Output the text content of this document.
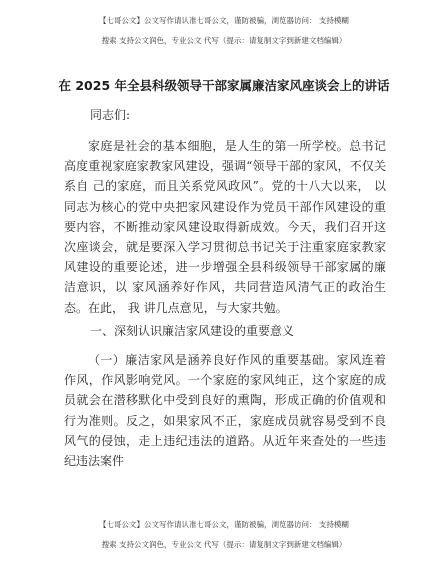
【七哥公文】公文写作请认准七哥公文，谨防被骗，浏览器访问： 支持模糊
搜索 支持公文润色，专业公文 代写（提示：请复制文字到新建文档编辑）
在 2025 年全县科级领导干部家属廉洁家风座谈会上的讲话
同志们:
家庭是社会的基本细胞，是人生的第一所学校。总书记高度重视家庭家教家风建设，强调“领导干部的家风，不仅关系自 己的家庭，而且关系党风政风”。党的十八大以来， 以同志为核心的党中央把家风建设作为党员干部作风建设的重要内容，不断推动家风建设取得新成效。今天，我们召开这次座谈会，就是要深入学习贯彻总书记关于注重家庭家教家风建设的重要论述，进一步增强全县科级领导干部家属的廉洁意识，以 家风涵养好作风，共同营造风清气正的政治生态。在此， 我 讲几点意见，与大家共勉。
一、深刻认识廉洁家风建设的重要意义
（一）廉洁家风是涵养良好作风的重要基础。家风连着作风，作风影响党风。一个家庭的家风纯正，这个家庭的成员就会在潜移默化中受到良好的熏陶，形成正确的价值观和行为准则。反之，如果家风不正，家庭成员就容易受到不良风气的侵蚀，走上违纪违法的道路。从近年来查处的一些违纪违法案件
【七哥公文】公文写作请认准七哥公文，谨防被骗，浏览器访问： 支持模糊
搜索 支持公文润色，专业公文 代写（提示：请复制文字到新建文档编辑）
